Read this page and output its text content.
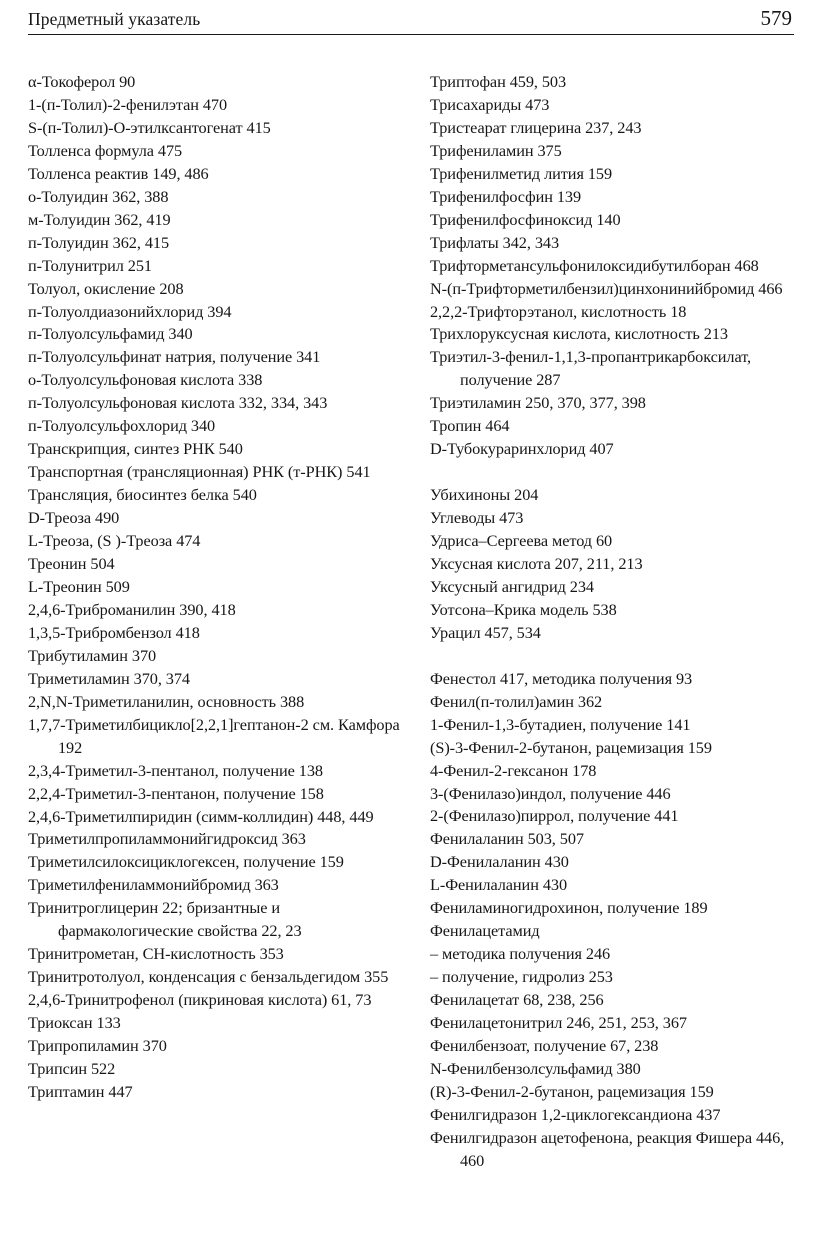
Предметный указатель	579
α-Токоферол 90
1-(п-Толил)-2-фенилэтан 470
S-(п-Толил)-О-этилксантогенат 415
Толленса формула 475
Толленса реактив 149, 486
о-Толуидин 362, 388
м-Толуидин 362, 419
п-Толуидин 362, 415
п-Толунитрил 251
Толуол, окисление 208
п-Толуолдиазонийхлорид 394
п-Толуолсульфамид 340
п-Толуолсульфинат натрия, получение 341
о-Толуолсульфоновая кислота 338
п-Толуолсульфоновая кислота 332, 334, 343
п-Толуолсульфохлорид 340
Транскрипция, синтез РНК 540
Транспортная (трансляционная) РНК (т-РНК) 541
Трансляция, биосинтез белка 540
D-Треоза 490
L-Треоза, (S )-Треоза 474
Треонин 504
L-Треонин 509
2,4,6-Триброманилин 390, 418
1,3,5-Трибромбензол 418
Трибутиламин 370
Триметиламин 370, 374
2,N,N-Триметиланилин, основность 388
1,7,7-Триметилбицикло[2,2,1]гептанон-2 см. Камфора 192
2,3,4-Триметил-3-пентанол, получение 138
2,2,4-Триметил-3-пентанон, получение 158
2,4,6-Триметилпиридин (симм-коллидин) 448, 449
Триметилпропиламмонийгидроксид 363
Триметилсилоксициклогексен, получение 159
Триметилфениламмонийбромид 363
Тринитроглицерин 22; бризантные и фармакологические свойства 22, 23
Тринитрометан, СН-кислотность 353
Тринитротолуол, конденсация с бензальдегидом 355
2,4,6-Тринитрофенол (пикриновая кислота) 61, 73
Триоксан 133
Трипропиламин 370
Трипсин 522
Триптамин 447
Триптофан 459, 503
Трисахариды 473
Тристеарат глицерина 237, 243
Трифениламин 375
Трифенилметид лития 159
Трифенилфосфин 139
Трифенилфосфиноксид 140
Трифлаты 342, 343
Трифторметансульфонилоксидибутилборан 468
N-(п-Трифторметилбензил)цинхонинийбромид 466
2,2,2-Трифторэтанол, кислотность 18
Трихлоруксусная кислота, кислотность 213
Триэтил-3-фенил-1,1,3-пропантрикарбоксилат, получение 287
Триэтиламин 250, 370, 377, 398
Тропин 464
D-Тубокураринхлорид 407
Убихиноны 204
Углеводы 473
Удриса–Сергеева метод 60
Уксусная кислота 207, 211, 213
Уксусный ангидрид 234
Уотсона–Крика модель 538
Урацил 457, 534
Фенестол 417, методика получения 93
Фенил(п-толил)амин 362
1-Фенил-1,3-бутадиен, получение 141
(S)-3-Фенил-2-бутанон, рацемизация 159
4-Фенил-2-гексанон 178
3-(Фенилазо)индол, получение 446
2-(Фенилазо)пиррол, получение 441
Фенилаланин 503, 507
D-Фенилаланин 430
L-Фенилаланин 430
Фениламиногидрохинон, получение 189
Фенилацетамид
– методика получения 246
– получение, гидролиз 253
Фенилацетат 68, 238, 256
Фенилацетонитрил 246, 251, 253, 367
Фенилбензоат, получение 67, 238
N-Фенилбензолсульфамид 380
(R)-3-Фенил-2-бутанон, рацемизация 159
Фенилгидразон 1,2-циклогександиона 437
Фенилгидразон ацетофенона, реакция Фишера 446, 460
